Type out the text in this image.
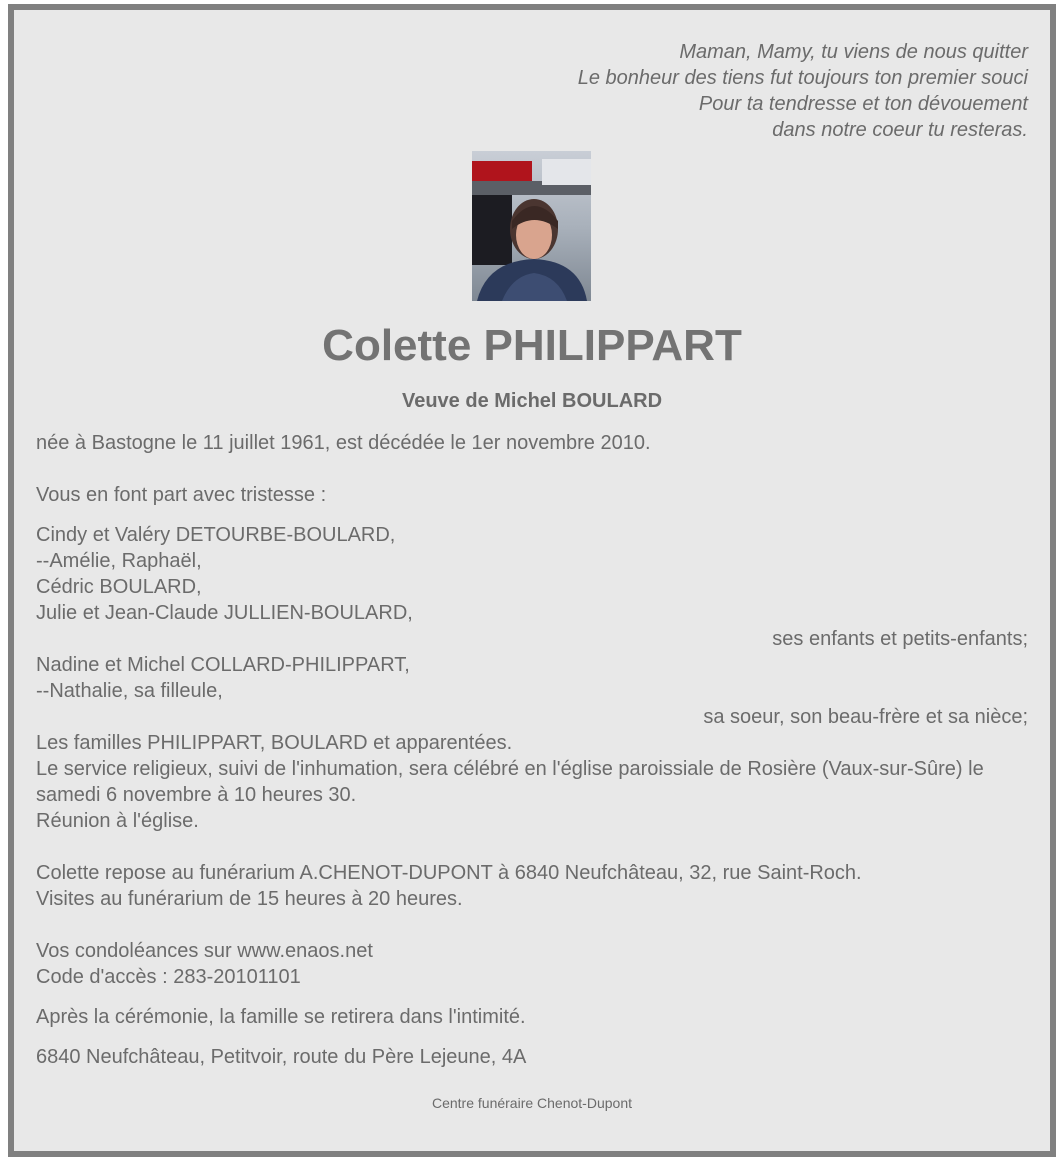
Maman, Mamy, tu viens de nous quitter
Le bonheur des tiens fut toujours ton premier souci
Pour ta tendresse et ton dévouement
dans notre coeur tu resteras.
Colette PHILIPPART
Veuve de Michel BOULARD
née à Bastogne le 11 juillet 1961, est décédée le 1er novembre 2010.
Vous en font part avec tristesse :
Cindy et Valéry DETOURBE-BOULARD,
--Amélie, Raphaël,
Cédric BOULARD,
Julie et Jean-Claude JULLIEN-BOULARD,
ses enfants et petits-enfants;
Nadine et Michel COLLARD-PHILIPPART,
--Nathalie, sa filleule,
sa soeur, son beau-frère et sa nièce;
Les familles PHILIPPART, BOULARD et apparentées.
Le service religieux, suivi de l'inhumation, sera célébré en l'église paroissiale de Rosière (Vaux-sur-Sûre) le samedi 6 novembre à 10 heures 30.
Réunion à l'église.
Colette repose au funérarium A.CHENOT-DUPONT à 6840 Neufchâteau, 32, rue Saint-Roch.
Visites au funérarium de 15 heures à 20 heures.
Vos condoléances sur www.enaos.net
Code d'accès : 283-20101101
Après la cérémonie, la famille se retirera dans l'intimité.
6840 Neufchâteau, Petitvoir, route du Père Lejeune, 4A
Centre funéraire Chenot-Dupont
